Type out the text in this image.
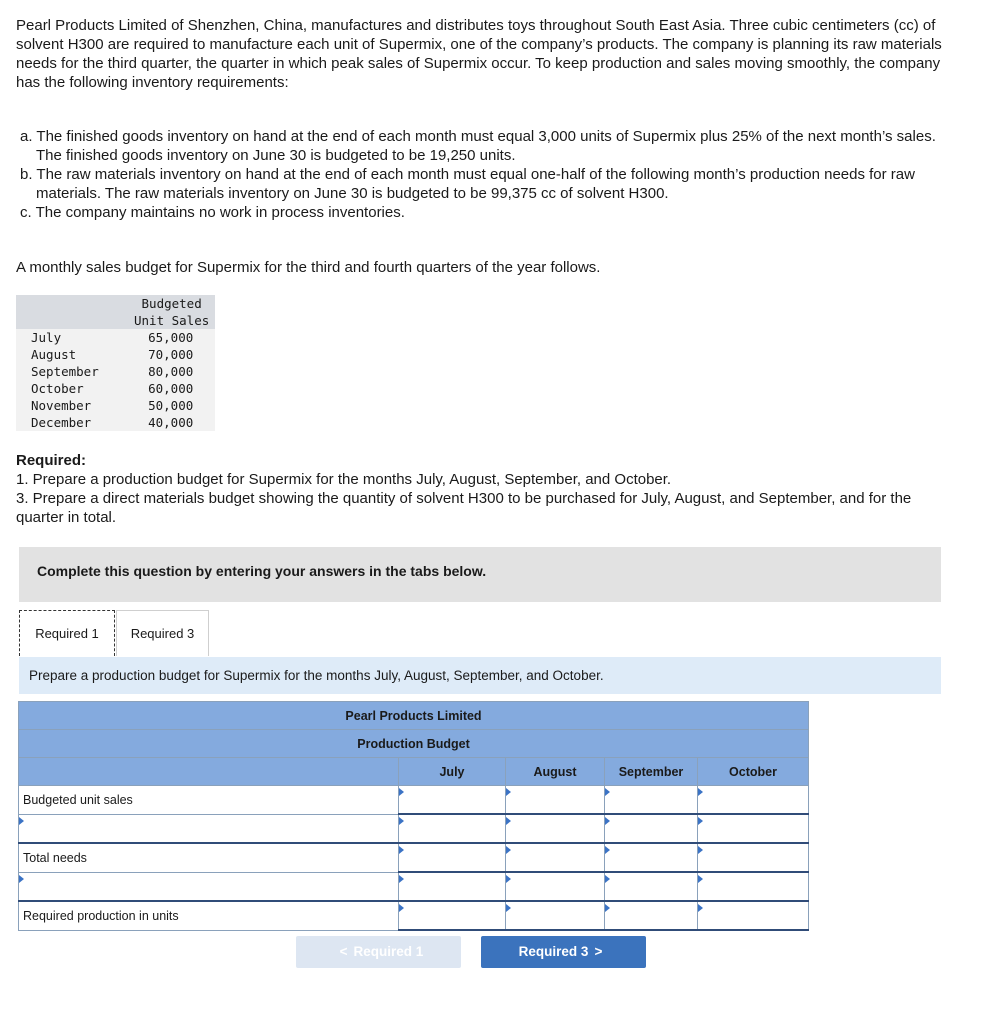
Pearl Products Limited of Shenzhen, China, manufactures and distributes toys throughout South East Asia. Three cubic centimeters (cc) of solvent H300 are required to manufacture each unit of Supermix, one of the company’s products. The company is planning its raw materials needs for the third quarter, the quarter in which peak sales of Supermix occur. To keep production and sales moving smoothly, the company has the following inventory requirements:

a. The finished goods inventory on hand at the end of each month must equal 3,000 units of Supermix plus 25% of the next month’s sales. The finished goods inventory on June 30 is budgeted to be 19,250 units.
b. The raw materials inventory on hand at the end of each month must equal one-half of the following month’s production needs for raw materials. The raw materials inventory on June 30 is budgeted to be 99,375 cc of solvent H300.
c. The company maintains no work in process inventories.

A monthly sales budget for Supermix for the third and fourth quarters of the year follows.

	Budgeted
Unit Sales

July	65,000
August	70,000
September	80,000
October	60,000
November	50,000
December	40,000

Required:

1. Prepare a production budget for Supermix for the months July, August, September, and October.

3. Prepare a direct materials budget showing the quantity of solvent H300 to be purchased for July, August, and September, and for the quarter in total.

Complete this question by entering your answers in the tabs below.
Required 1	Required 3
Prepare a production budget for Supermix for the months July, August, September, and October.
Pearl Products Limited				
Production Budget				
	July	August	September	October
Budgeted unit sales				

Total needs				

Required production in units				
< Required 1	Required 3 >
